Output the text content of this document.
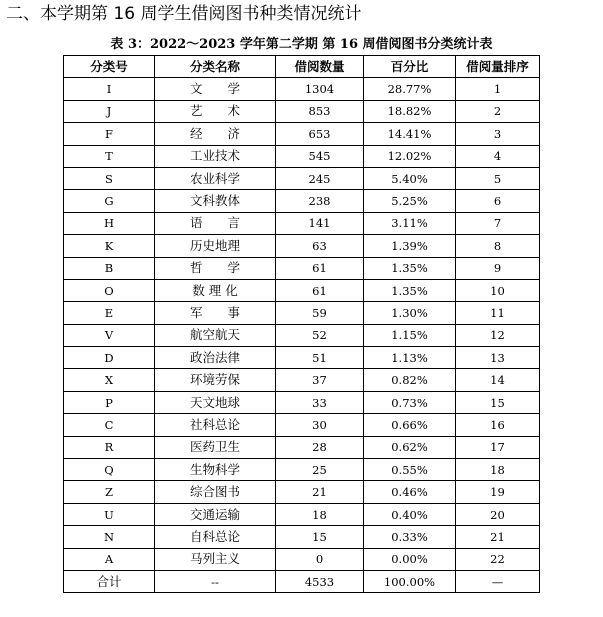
二、本学期第 16 周学生借阅图书种类情况统计
表 3：2022～2023 学年第二学期 第 16 周借阅图书分类统计表
分类号	分类名称	借阅数量	百分比	借阅量排序
I	文　　学	1304	28.77%	1
J	艺　　术	853	18.82%	2
F	经　　济	653	14.41%	3
T	工业技术	545	12.02%	4
S	农业科学	245	5.40%	5
G	文科教体	238	5.25%	6
H	语　　言	141	3.11%	7
K	历史地理	63	1.39%	8
B	哲　　学	61	1.35%	9
O	数 理 化	61	1.35%	10
E	军　　事	59	1.30%	11
V	航空航天	52	1.15%	12
D	政治法律	51	1.13%	13
X	环境劳保	37	0.82%	14
P	天文地球	33	0.73%	15
C	社科总论	30	0.66%	16
R	医药卫生	28	0.62%	17
Q	生物科学	25	0.55%	18
Z	综合图书	21	0.46%	19
U	交通运输	18	0.40%	20
N	自科总论	15	0.33%	21
A	马列主义	0	0.00%	22
合计	--	4533	100.00%	—
